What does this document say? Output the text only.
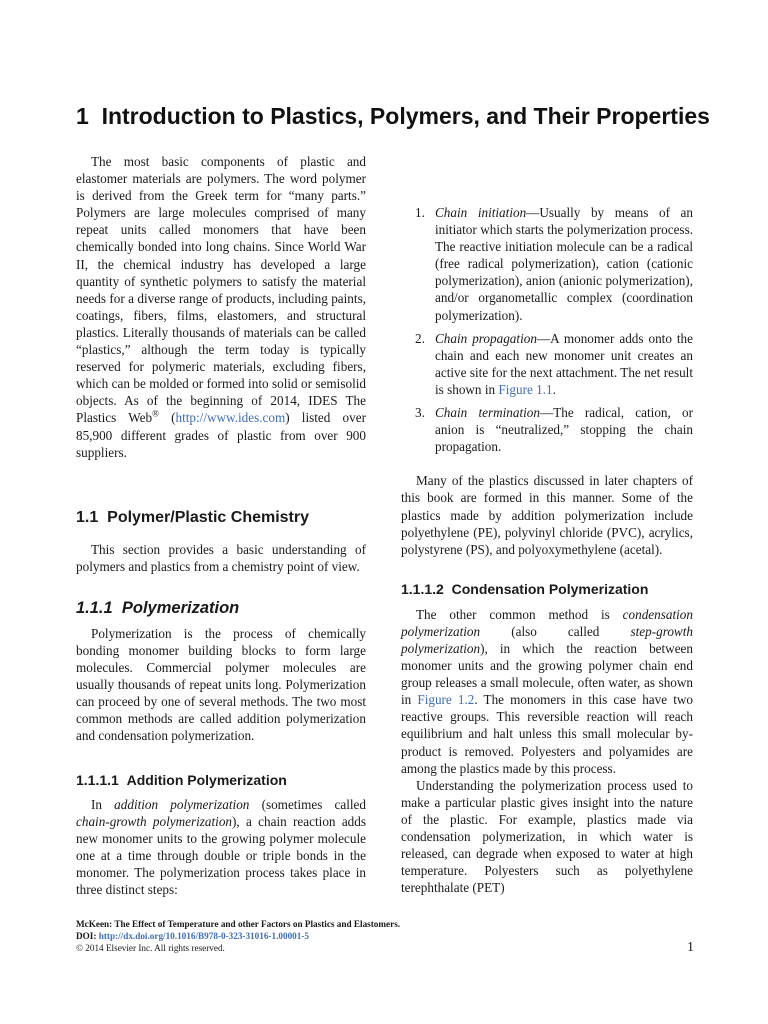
1 Introduction to Plastics, Polymers, and Their Properties

The most basic components of plastic and elastomer materials are polymers. The word polymer is derived from the Greek term for “many parts.” Polymers are large molecules comprised of many repeat units called monomers that have been chemically bonded into long chains. Since World War II, the chemical industry has developed a large quantity of synthetic polymers to satisfy the material needs for a diverse range of products, including paints, coatings, fibers, films, elastomers, and structural plastics. Literally thousands of materials can be called “plastics,” although the term today is typically reserved for polymeric materials, excluding fibers, which can be molded or formed into solid or semisolid objects. As of the beginning of 2014, IDES The Plastics Web® (http://www.ides.com) listed over 85,900 different grades of plastic from over 900 suppliers.

1.1 Polymer/Plastic Chemistry

This section provides a basic understanding of polymers and plastics from a chemistry point of view.

1.1.1 Polymerization

Polymerization is the process of chemically bonding monomer building blocks to form large molecules. Commercial polymer molecules are usually thousands of repeat units long. Polymerization can proceed by one of several methods. The two most common methods are called addition polymerization and condensation polymerization.

1.1.1.1 Addition Polymerization

In addition polymerization (sometimes called chain-growth polymerization), a chain reaction adds new monomer units to the growing polymer molecule one at a time through double or triple bonds in the monomer. The polymerization process takes place in three distinct steps:

1. Chain initiation—Usually by means of an initiator which starts the polymerization process. The reactive initiation molecule can be a radical (free radical polymerization), cation (cationic polymerization), anion (anionic polymerization), and/or organometallic complex (coordination polymerization).
2. Chain propagation—A monomer adds onto the chain and each new monomer unit creates an active site for the next attachment. The net result is shown in Figure 1.1.
3. Chain termination—The radical, cation, or anion is “neutralized,” stopping the chain propagation.

Many of the plastics discussed in later chapters of this book are formed in this manner. Some of the plastics made by addition polymerization include polyethylene (PE), polyvinyl chloride (PVC), acrylics, polystyrene (PS), and polyoxymethylene (acetal).

1.1.1.2 Condensation Polymerization

The other common method is condensation polymerization (also called step-growth polymerization), in which the reaction between monomer units and the growing polymer chain end group releases a small molecule, often water, as shown in Figure 1.2. The monomers in this case have two reactive groups. This reversible reaction will reach equilibrium and halt unless this small molecular by-product is removed. Polyesters and polyamides are among the plastics made by this process.

Understanding the polymerization process used to make a particular plastic gives insight into the nature of the plastic. For example, plastics made via condensation polymerization, in which water is released, can degrade when exposed to water at high temperature. Polyesters such as polyethylene terephthalate (PET)

McKeen: The Effect of Temperature and other Factors on Plastics and Elastomers.
DOI: http://dx.doi.org/10.1016/B978-0-323-31016-1.00001-5
© 2014 Elsevier Inc. All rights reserved.	1
